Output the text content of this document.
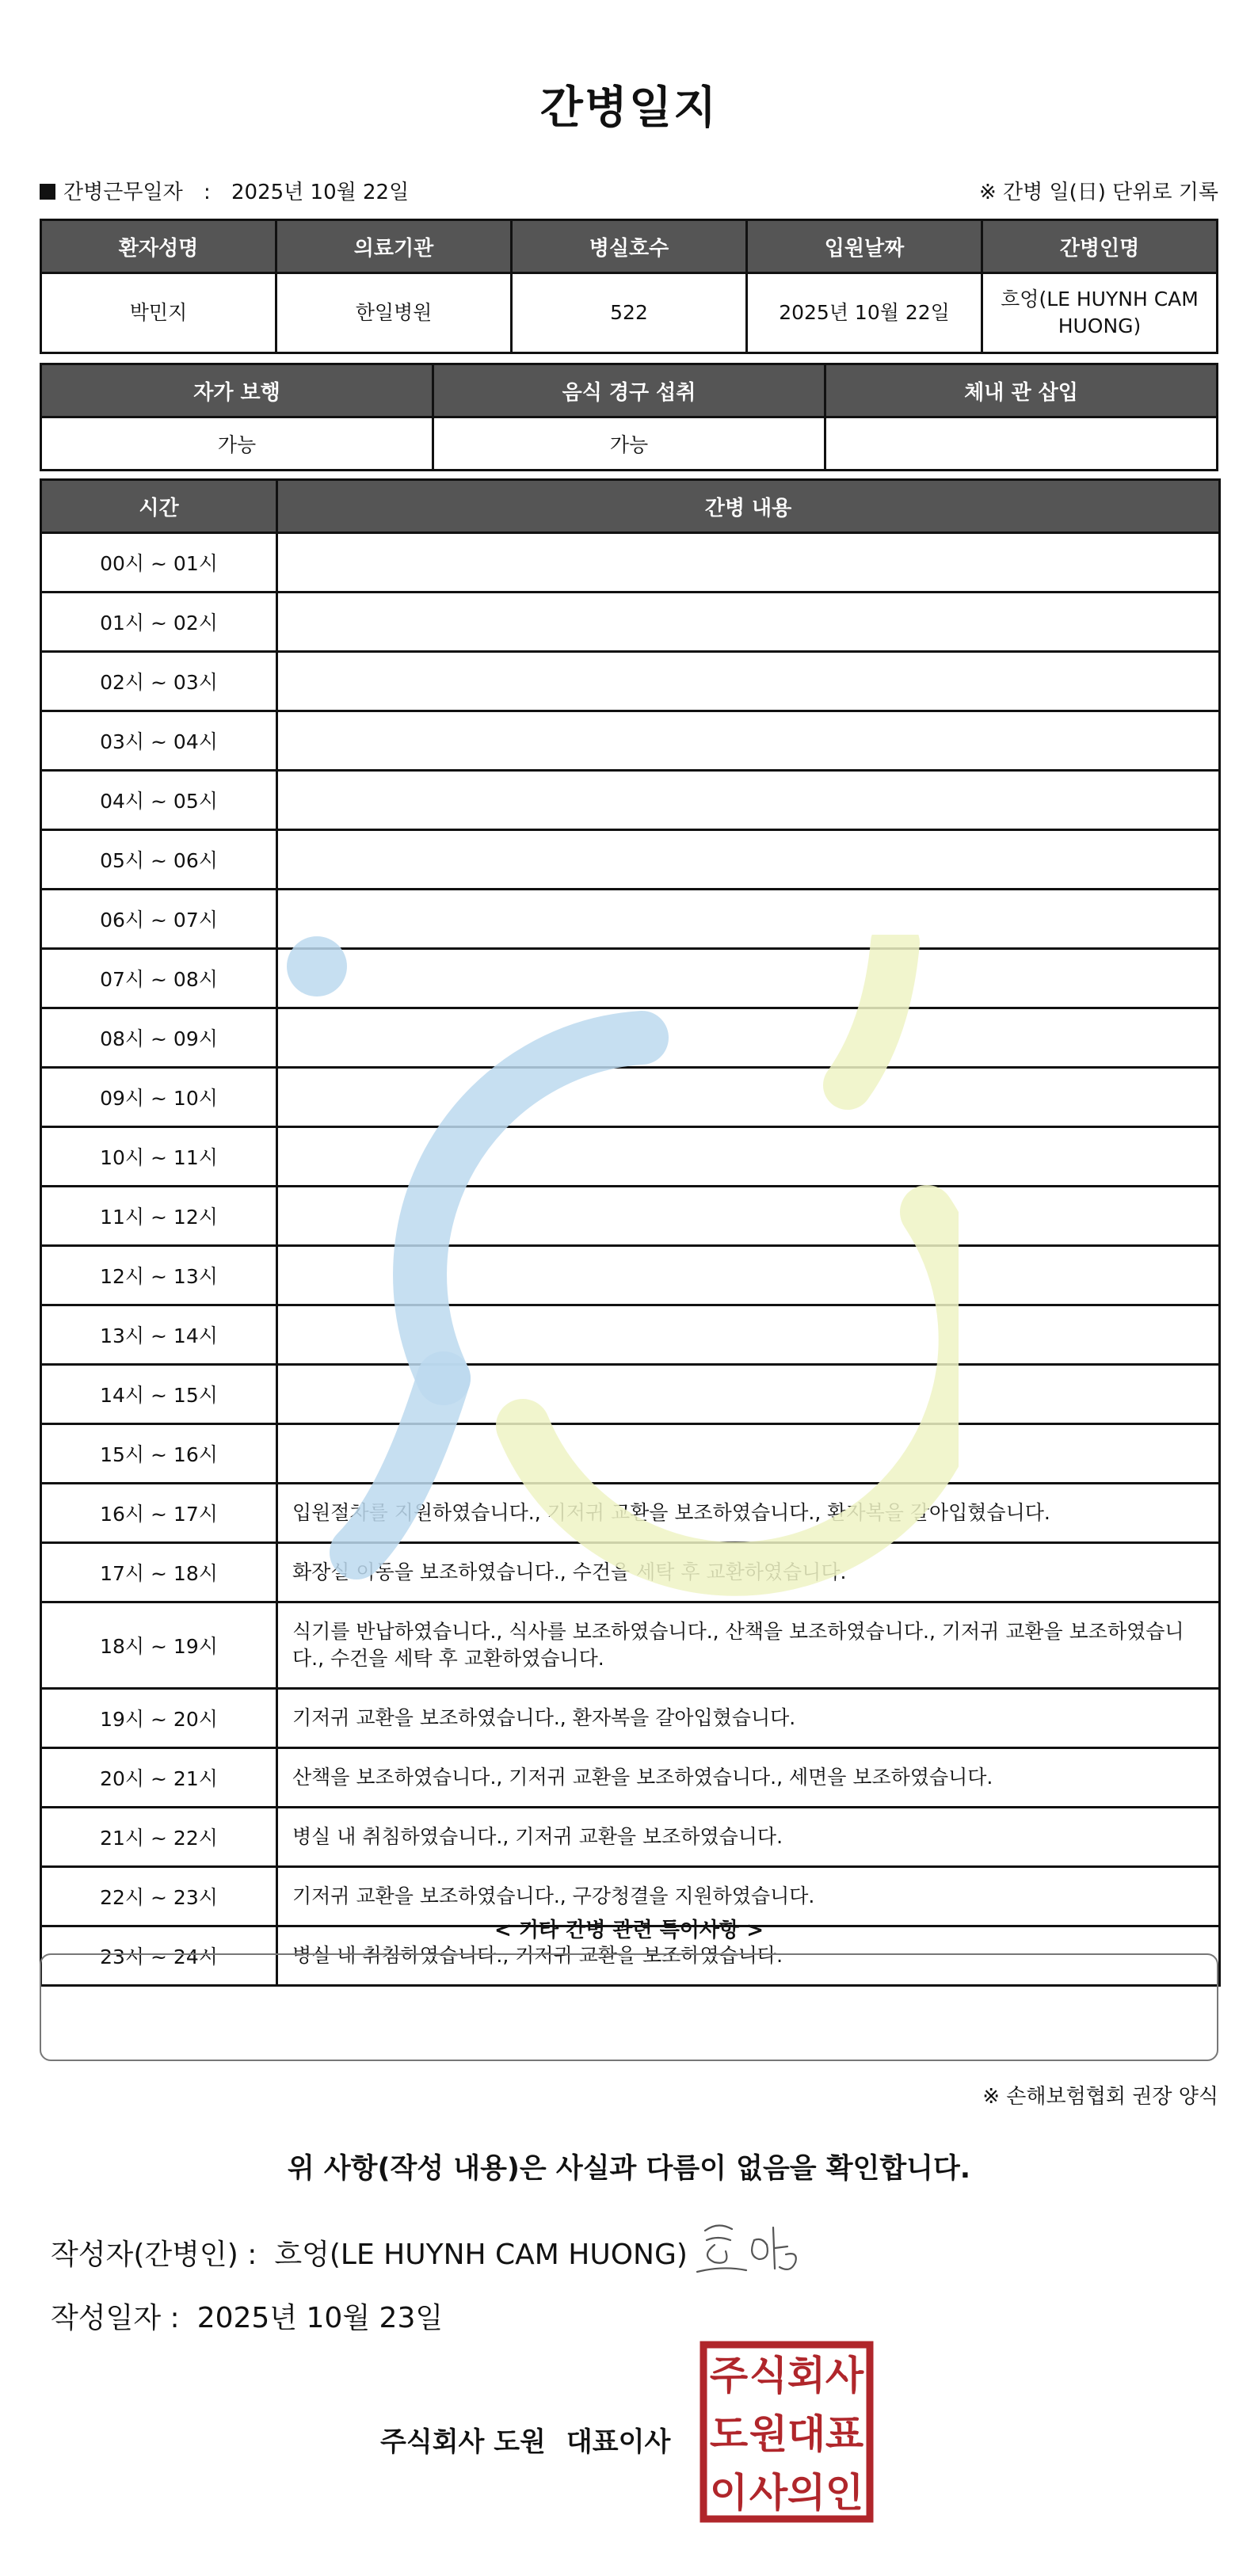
간병일지
간병근무일자 : 2025년 10월 22일	※ 간병 일(日) 단위로 기록
환자성명	의료기관	병실호수	입원날짜	간병인명
박민지	한일병원	522	2025년 10월 22일	흐엉(LE HUYNH CAM HUONG)
자가 보행	음식 경구 섭취	체내 관 삽입
가능	가능	
시간	간병 내용
00시 ~ 01시	
01시 ~ 02시	
02시 ~ 03시	
03시 ~ 04시	
04시 ~ 05시	
05시 ~ 06시	
06시 ~ 07시	
07시 ~ 08시	
08시 ~ 09시	
09시 ~ 10시	
10시 ~ 11시	
11시 ~ 12시	
12시 ~ 13시	
13시 ~ 14시	
14시 ~ 15시	
15시 ~ 16시	
16시 ~ 17시	입원절차를 지원하였습니다., 기저귀 교환을 보조하였습니다., 환자복을 갈아입혔습니다.
17시 ~ 18시	화장실 이동을 보조하였습니다., 수건을 세탁 후 교환하였습니다.
18시 ~ 19시	식기를 반납하였습니다., 식사를 보조하였습니다., 산책을 보조하였습니다., 기저귀 교환을 보조하였습니다., 수건을 세탁 후 교환하였습니다.
19시 ~ 20시	기저귀 교환을 보조하였습니다., 환자복을 갈아입혔습니다.
20시 ~ 21시	산책을 보조하였습니다., 기저귀 교환을 보조하였습니다., 세면을 보조하였습니다.
21시 ~ 22시	병실 내 취침하였습니다., 기저귀 교환을 보조하였습니다.
22시 ~ 23시	기저귀 교환을 보조하였습니다., 구강청결을 지원하였습니다.
23시 ~ 24시	병실 내 취침하였습니다., 기저귀 교환을 보조하였습니다.
< 기타 간병 관련 특이사항 >
※ 손해보험협회 권장 양식
위 사항(작성 내용)은 사실과 다름이 없음을 확인합니다.
작성자(간병인) : 흐엉(LE HUYNH CAM HUONG)
작성일자 : 2025년 10월 23일
주식회사 도원 대표이사
주 식 회 사
도 원 대 표
이 사 의 인
